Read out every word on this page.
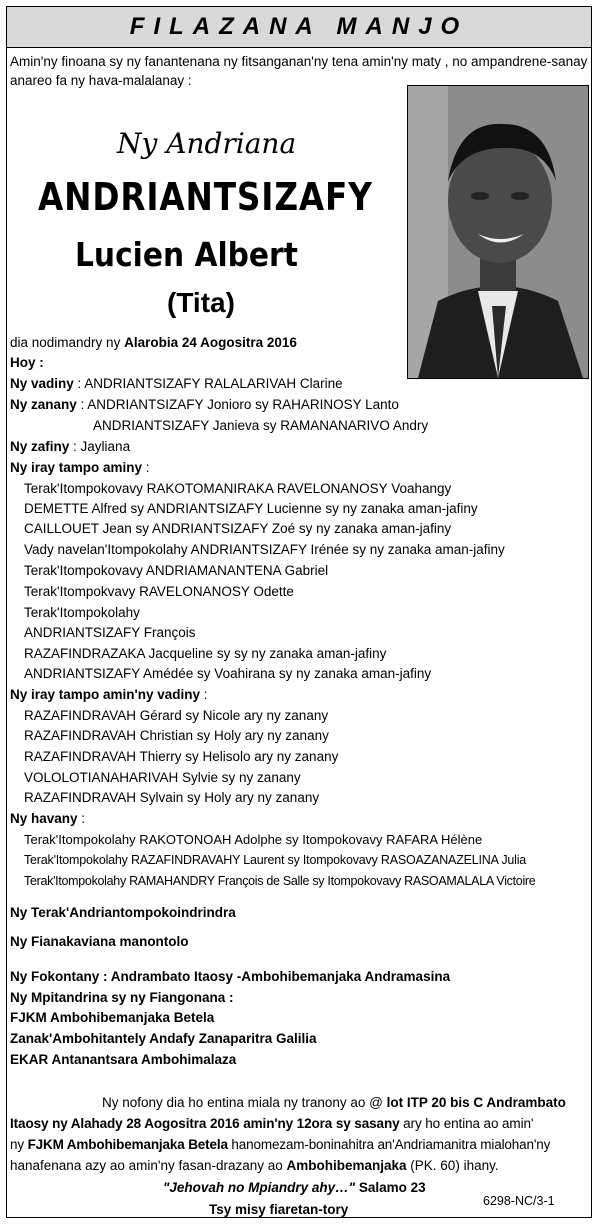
FILAZANA MANJO
Amin'ny finoana sy ny fanantenana ny fitsanganan'ny tena amin'ny maty , no ampandrene-sanay anareo fa ny hava-malalanay :
Ny Andriana
ANDRIANTSIZAFY
Lucien Albert
(Tita)
dia nodimandry ny Alarobia 24 Aogositra 2016
Hoy :
Ny vadiny : ANDRIANTSIZAFY RALALARIVAH Clarine
Ny zanany : ANDRIANTSIZAFY Jonioro sy RAHARINOSY Lanto
ANDRIANTSIZAFY Janieva sy RAMANANARIVO Andry
Ny zafiny : Jayliana
Ny iray tampo aminy :
Terak'Itompokovavy RAKOTOMANIRAKA RAVELONANOSY Voahangy
DEMETTE Alfred sy ANDRIANTSIZAFY Lucienne sy ny zanaka aman-jafiny
CAILLOUET Jean sy ANDRIANTSIZAFY Zoé sy ny zanaka aman-jafiny
Vady navelan'Itompokolahy ANDRIANTSIZAFY Irénée sy ny zanaka aman-jafiny
Terak'Itompokovavy ANDRIAMANANTENA Gabriel
Terak'Itompokvavy RAVELONANOSY Odette
Terak'Itompokolahy
ANDRIANTSIZAFY François
RAZAFINDRAZAKA Jacqueline sy sy ny zanaka aman-jafiny
ANDRIANTSIZAFY Amédée sy Voahirana sy ny zanaka aman-jafiny
Ny iray tampo amin'ny vadiny :
RAZAFINDRAVAH Gérard sy Nicole ary ny zanany
RAZAFINDRAVAH Christian sy Holy ary ny zanany
RAZAFINDRAVAH Thierry sy Helisolo ary ny zanany
VOLOLOTIANAHARIVAH Sylvie sy ny zanany
RAZAFINDRAVAH Sylvain sy Holy ary ny zanany
Ny havany :
Terak'Itompokolahy RAKOTONOAH Adolphe sy Itompokovavy RAFARA Hélène
Terak'Itompokolahy RAZAFINDRAVAHY Laurent sy Itompokovavy RASOAZANAZELINA Julia
Terak'Itompokolahy RAMAHANDRY François de Salle sy Itompokovavy RASOAMALALA Victoire
Ny Terak'Andriantompokoindrindra
Ny Fianakaviana manontolo
Ny Fokontany : Andrambato Itaosy -Ambohibemanjaka Andramasina
Ny Mpitandrina sy ny Fiangonana :
FJKM Ambohibemanjaka Betela
Zanak'Ambohitantely Andafy Zanaparitra Galilia
EKAR Antanantsara Ambohimalaza
Ny nofony dia ho entina miala ny tranony ao @ lot ITP 20 bis C Andrambato
Itaosy ny Alahady 28 Aogositra 2016 amin'ny 12ora sy sasany ary ho entina ao amin'
ny FJKM Ambohibemanjaka Betela hanomezam-boninahitra an'Andriamanitra mialohan'ny
hanafenana azy ao amin'ny fasan-drazany ao Ambohibemanjaka (PK. 60) ihany.
"Jehovah no Mpiandry ahy…" Salamo 23
Tsy misy fiaretan-tory
6298-NC/3-1
